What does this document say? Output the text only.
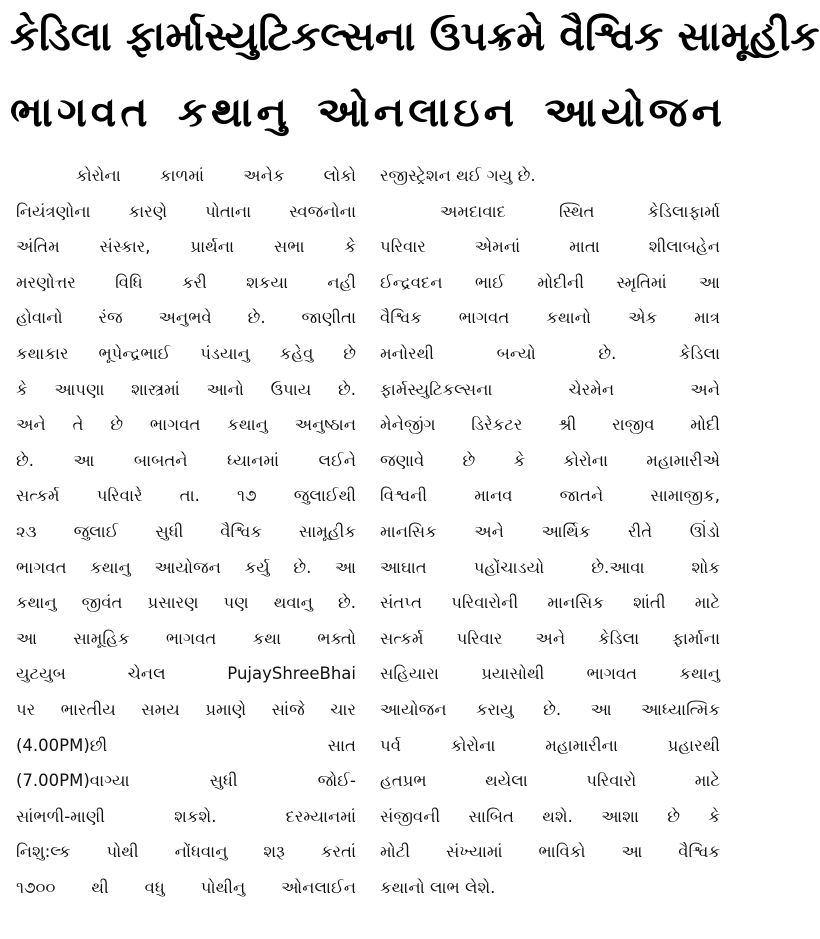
કેડિલા ફાર્માસ્યુટિકલ્સના ઉપક્રમે વૈશ્વિક સામૂહીક
ભાગવત કથાનુ ઓનલાઇન આયોજન
કોરોના કાળમાં અનેક લોકો
નિયંત્રણોના કારણે પોતાના સ્વજનોના
અંતિમ સંસ્કાર, પ્રાર્થના સભા કે
મરણોત્તર વિધિ કરી શકયા નહી
હોવાનો રંજ અનુભવે છે. જાણીતા
કથાકાર ભૂપેન્દ્રભાઈ પંડયાનુ કહેવુ છે
કે આપણા શાસ્ત્રમાં આનો ઉપાય છે.
અને તે છે ભાગવત કથાનુ અનુષ્ઠાન
છે. આ બાબતને ધ્યાનમાં લઈને
સત્કર્મ પરિવારે તા. ૧૭ જુલાઈથી
૨૩ જુલાઈ સુધી વૈશ્વિક સામૂહીક
ભાગવત કથાનુ આયોજન કર્યુ છે. આ
કથાનુ જીવંત પ્રસારણ પણ થવાનુ છે.
આ સામૂહિક ભાગવત કથા ભક્તો
યુટયુબ ચેનલ PujayShreeBhai
પર ભારતીય સમય પ્રમાણે સાંજે ચાર
(4.00PM)છી સાત
(7.00PM)વાગ્યા સુધી જોઈ-
સાંભળી-માણી શકશે. દરમ્યાનમાં
નિશુ:લ્ક પોથી નોંધવાનુ શરૂ કરતાં
૧૭૦૦ થી વધુ પોથીનુ ઓનલાઈન
રજીસ્ટ્રેશન થઈ ગયુ છે.
અમદાવાદ સ્થિત કેડિલાફાર્મા
પરિવાર એમનાં માતા શીલાબહેન
ઈન્દ્રવદન ભાઈ મોદીની સ્મૃતિમાં આ
વૈશ્વિક ભાગવત કથાનો એક માત્ર
મનોરથી બન્યો છે. કેડિલા
ફાર્મસ્યુટિકલ્સના ચેરમેન અને
મેનેજીંગ ડિરેકટર શ્રી રાજીવ મોદી
જણાવે છે કે કોરોના મહામારીએ
વિશ્વની માનવ જાતને સામાજીક,
માનસિક અને આર્થિક રીતે ઊંડો
આઘાત પહોંચાડયો છે.આવા શોક
સંતપ્ત પરિવારોની માનસિક શાંતી માટે
સત્કર્મ પરિવાર અને કેડિલા ફાર્માના
સહિયારા પ્રયાસોથી ભાગવત કથાનુ
આયોજન કરાયુ છે. આ આધ્યાત્મિક
પર્વ કોરોના મહામારીના પ્રહારથી
હતપ્રભ થયેલા પરિવારો માટે
સંજીવની સાબિત થશે. આશા છે કે
મોટી સંખ્યામાં ભાવિકો આ વૈશ્વિક
કથાનો લાભ લેશે.
